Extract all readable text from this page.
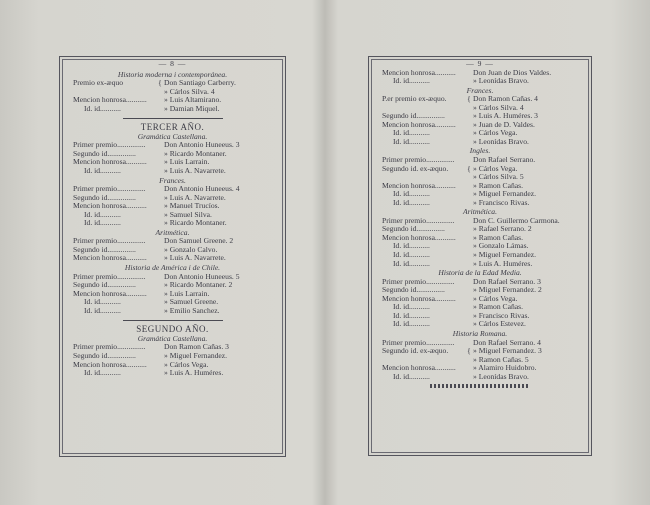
— 8 —
Historia moderna i contemporánea.
Premio ex-æquo	{ Don Santiago Carberry.
» Cárlos Silva. 4
Mencion honrosa...........	» Luis Altamirano.
Id. id...........	» Damian Miquel.
TERCER AÑO.
Gramática Castellana.
Primer premio...............	Don Antonio Huneeus. 3
Segundo id...............	» Ricardo Montaner.
Mencion honrosa...........	» Luis Larrain.
Id. id...........	» Luis A. Navarrete.
Frances.
Primer premio...............	Don Antonio Huneeus. 4
Segundo id...............	» Luis A. Navarrete.
Mencion honrosa...........	» Manuel Trucíos.
Id. id...........	» Samuel Silva.
Id. id...........	» Ricardo Montaner.
Aritmética.
Primer premio...............	Don Samuel Greene. 2
Segundo id...............	» Gonzalo Calvo.
Mencion honrosa...........	» Luis A. Navarrete.
Historia de América i de Chile.
Primer premio...............	Don Antonio Huneeus. 5
Segundo id...............	» Ricardo Montaner. 2
Mencion honrosa...........	» Luis Larrain.
Id. id...........	» Samuel Greene.
Id. id...........	» Emilio Sanchez.
SEGUNDO AÑO.
Gramática Castellana.
Primer premio...............	Don Ramon Cañas. 3
Segundo id...............	» Miguel Fernandez.
Mencion honrosa...........	» Cárlos Vega.
Id. id...........	» Luis A. Huméres.
— 9 —
Mencion honrosa...........	Don Juan de Dios Valdes.
Id. id...........	» Leonídas Bravo.
Frances.
P.er premio ex-æquo.	{ Don Ramon Cañas. 4
» Cárlos Silva. 4
Segundo id...............	» Luis A. Huméres. 3
Mencion honrosa...........	» Juan de D. Valdes.
Id. id...........	» Cárlos Vega.
Id. id...........	» Leonídas Bravo.
Ingles.
Primer premio...............	Don Rafael Serrano.
Segundo id. ex-æquo.	{ » Cárlos Vega.
» Cárlos Silva. 5
Mencion honrosa...........	» Ramon Cañas.
Id. id...........	» Miguel Fernandez.
Id. id...........	» Francisco Rivas.
Aritmética.
Primer premio...............	Don C. Guillermo Carmona.
Segundo id...............	» Rafael Serrano. 2
Mencion honrosa...........	» Ramon Cañas.
Id. id...........	» Gonzalo Lámas.
Id. id...........	» Miguel Fernandez.
Id. id...........	» Luis A. Huméres.
Historia de la Edad Media.
Primer premio...............	Don Rafael Serrano. 3
Segundo id...............	» Miguel Fernandez. 2
Mencion honrosa...........	» Cárlos Vega.
Id. id...........	» Ramon Cañas.
Id. id...........	» Francisco Rivas.
Id. id...........	» Cárlos Estevez.
Historia Romana.
Primer premio...............	Don Rafael Serrano. 4
Segundo id. ex-æquo.	{ » Miguel Fernandez. 3
» Ramon Cañas. 5
Mencion honrosa...........	» Alamiro Huidobro.
Id. id...........	» Leonídas Bravo.
